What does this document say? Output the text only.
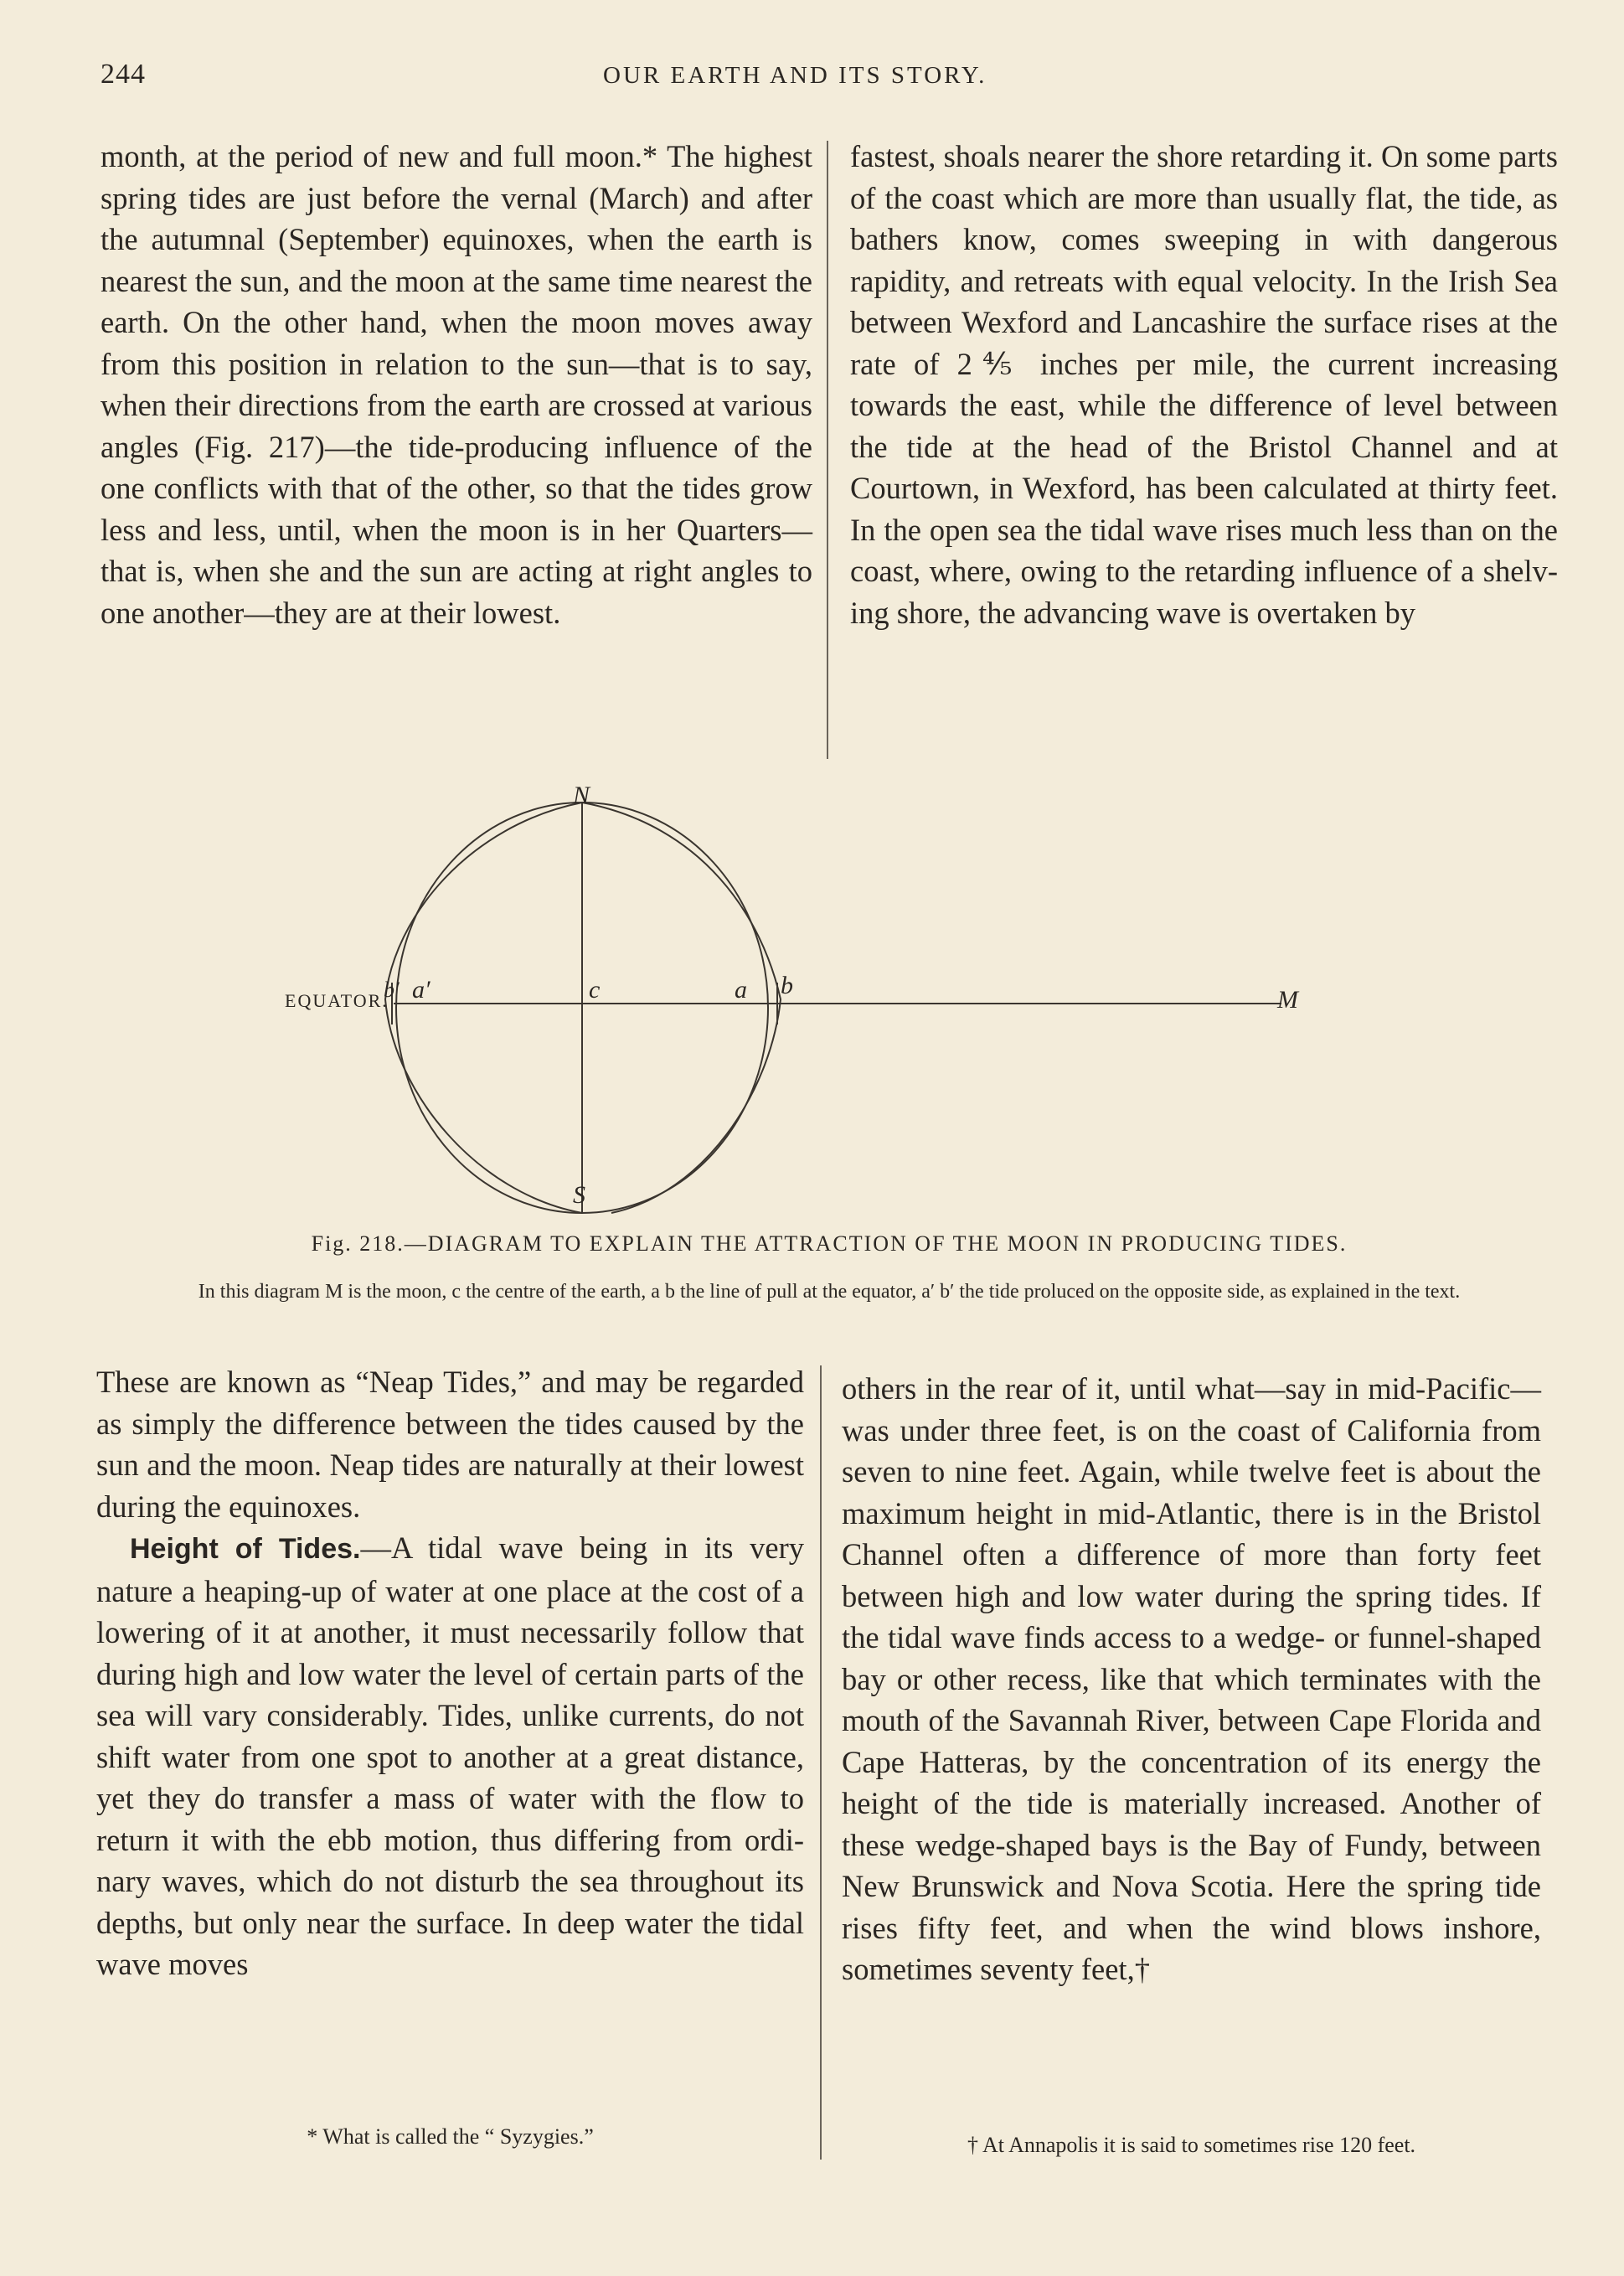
244	OUR EARTH AND ITS STORY.

month, at the period of new and full moon.* The highest spring tides are just before the vernal (March) and after the autumnal (September) equinoxes, when the earth is nearest the sun, and the moon at the same time nearest the earth. On the other hand, when the moon moves away from this position in relation to the sun—that is to say, when their directions from the earth are crossed at various angles (Fig. 217)—the tide-producing influence of the one conflicts with that of the other, so that the tides grow less and less, until, when the moon is in her Quarters—that is, when she and the sun are acting at right angles to one another—they are at their lowest.

fastest, shoals nearer the shore retarding it. On some parts of the coast which are more than usually flat, the tide, as bathers know, comes sweeping in with dangerous rapidity, and retreats with equal velocity. In the Irish Sea between Wexford and Lancashire the surface rises at the rate of 2⅘ inches per mile, the current increasing towards the east, while the difference of level between the tide at the head of the Bristol Channel and at Courtown, in Wexford, has been calculated at thirty feet. In the open sea the tidal wave rises much less than on the coast, where, owing to the retarding influence of a shelving shore, the advancing wave is overtaken by

EQUATOR.
N
S
M
c	a b
a′
b′
Fig. 218.—DIAGRAM TO EXPLAIN THE ATTRACTION OF THE MOON IN PRODUCING TIDES.
In this diagram M is the moon, c the centre of the earth, a b the line of pull at the equator, a′ b′ the tide pro​luced on the opposite side, as explained in the text.

These are known as “Neap Tides,” and may be regarded as simply the difference between the tides caused by the sun and the moon. Neap tides are naturally at their lowest during the equinoxes.

Height of Tides.—A tidal wave being in its very nature a heaping-up of water at one place at the cost of a lowering of it at another, it must necessarily follow that during high and low water the level of certain parts of the sea will vary considerably. Tides, unlike currents, do not shift water from one spot to another at a great distance, yet they do transfer a mass of water with the flow to return it with the ebb motion, thus differing from ordinary waves, which do not disturb the sea throughout its depths, but only near the surface. In deep water the tidal wave moves

* What is called the “ Syzygies.”

others in the rear of it, until what—say in mid-Pacific—was under three feet, is on the coast of California from seven to nine feet. Again, while twelve feet is about the maximum height in mid-Atlantic, there is in the Bristol Channel often a difference of more than forty feet between high and low water during the spring tides. If the tidal wave finds access to a wedge- or funnel-shaped bay or other recess, like that which terminates with the mouth of the Savannah River, between Cape Florida and Cape Hatteras, by the concentration of its energy the height of the tide is materially increased. Another of these wedge-shaped bays is the Bay of Fundy, between New Brunswick and Nova Scotia. Here the spring tide rises fifty feet, and when the wind blows inshore, sometimes seventy feet,†

† At Annapolis it is said to sometimes rise 120 feet.
